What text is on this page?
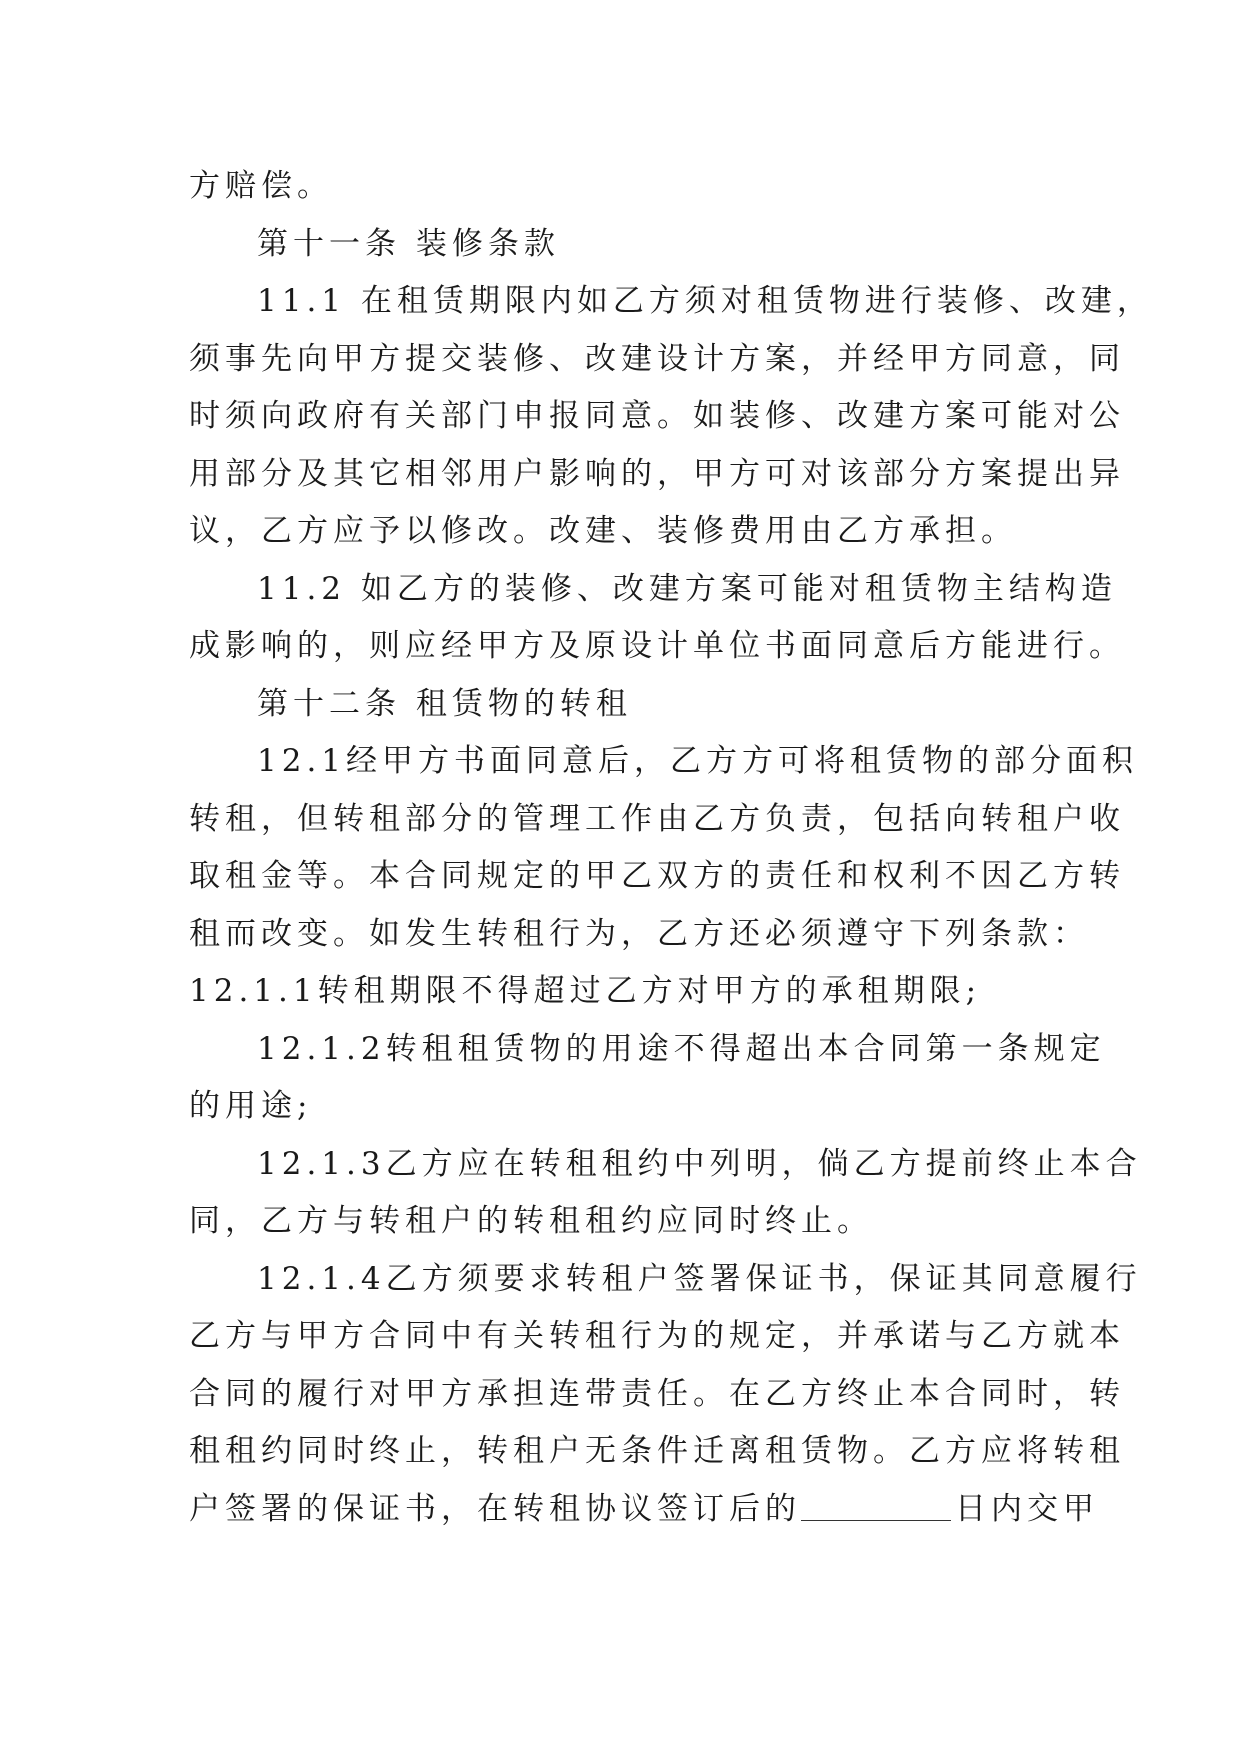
方赔偿。
第十一条 装修条款
11.1 在租赁期限内如乙方须对租赁物进行装修、改建，
须事先向甲方提交装修、改建设计方案，并经甲方同意，同
时须向政府有关部门申报同意。如装修、改建方案可能对公
用部分及其它相邻用户影响的，甲方可对该部分方案提出异
议，乙方应予以修改。改建、装修费用由乙方承担。
11.2 如乙方的装修、改建方案可能对租赁物主结构造
成影响的，则应经甲方及原设计单位书面同意后方能进行。
第十二条 租赁物的转租
12.1经甲方书面同意后，乙方方可将租赁物的部分面积
转租，但转租部分的管理工作由乙方负责，包括向转租户收
取租金等。本合同规定的甲乙双方的责任和权利不因乙方转
租而改变。如发生转租行为，乙方还必须遵守下列条款：
12.1.1转租期限不得超过乙方对甲方的承租期限;
12.1.2转租租赁物的用途不得超出本合同第一条规定
的用途;
12.1.3乙方应在转租租约中列明，倘乙方提前终止本合
同，乙方与转租户的转租租约应同时终止。
12.1.4乙方须要求转租户签署保证书，保证其同意履行
乙方与甲方合同中有关转租行为的规定，并承诺与乙方就本
合同的履行对甲方承担连带责任。在乙方终止本合同时，转
租租约同时终止，转租户无条件迁离租赁物。乙方应将转租
户签署的保证书，在转租协议签订后的	日内交甲
